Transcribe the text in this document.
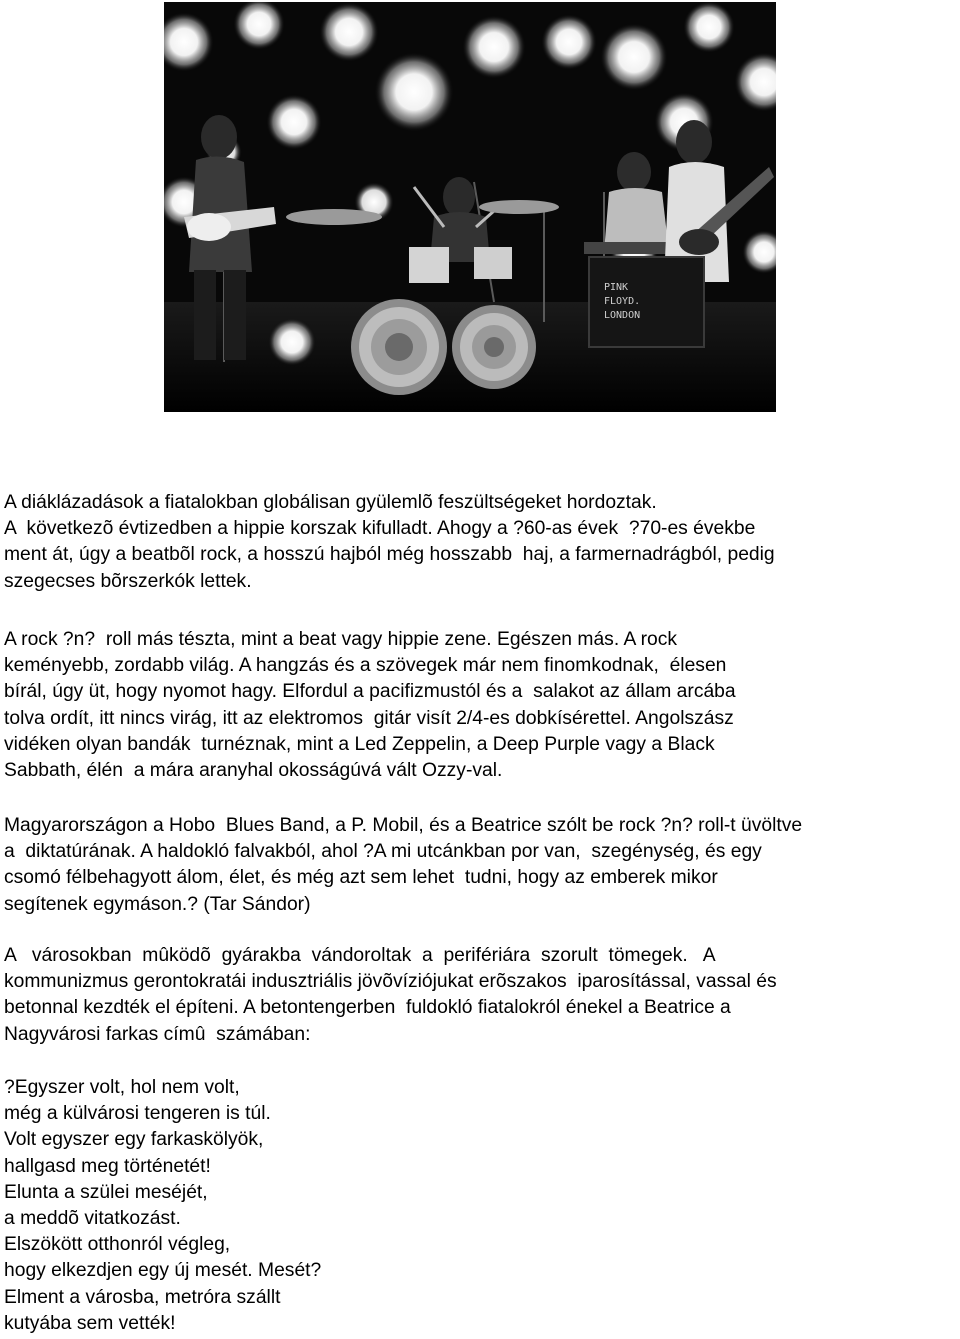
PINK
FLOYD.
LONDON
A diáklázadások a fiatalokban globálisan gyülemlõ feszültségeket hordoztak.
A  következõ évtizedben a hippie korszak kifulladt. Ahogy a ?60-as évek  ?70-es évekbe
ment át, úgy a beatbõl rock, a hosszú hajból még hosszabb  haj, a farmernadrágból, pedig
szegecses bõrszerkók lettek.
A rock ?n?  roll más tészta, mint a beat vagy hippie zene. Egészen más. A rock
keményebb, zordabb világ. A hangzás és a szövegek már nem finomkodnak,  élesen
bírál, úgy üt, hogy nyomot hagy. Elfordul a pacifizmustól és a  salakot az állam arcába
tolva ordít, itt nincs virág, itt az elektromos  gitár visít 2/4-es dobkísérettel. Angolszász
vidéken olyan bandák  turnéznak, mint a Led Zeppelin, a Deep Purple vagy a Black
Sabbath, élén  a mára aranyhal okosságúvá vált Ozzy-val.
Magyarországon a Hobo  Blues Band, a P. Mobil, és a Beatrice szólt be rock ?n? roll-t üvöltve
a  diktatúrának. A haldokló falvakból, ahol ?A mi utcánkban por van,  szegénység, és egy
csomó félbehagyott álom, élet, és még azt sem lehet  tudni, hogy az emberek mikor
segítenek egymáson.? (Tar Sándor)
A   városokban  mûködõ  gyárakba  vándoroltak  a  perifériára  szorult  tömegek.   A
kommunizmus gerontokratái indusztriális jövõvíziójukat erõszakos  iparosítással, vassal és
betonnal kezdték el építeni. A betontengerben  fuldokló fiatalokról énekel a Beatrice a
Nagyvárosi farkas címû  számában:
?Egyszer volt, hol nem volt,
még a külvárosi tengeren is túl.
Volt egyszer egy farkaskölyök,
hallgasd meg történetét!
Elunta a szülei meséjét,
a meddõ vitatkozást.
Elszökött otthonról végleg,
hogy elkezdjen egy új mesét. Mesét?
Elment a városba, metróra szállt
kutyába sem vették!
